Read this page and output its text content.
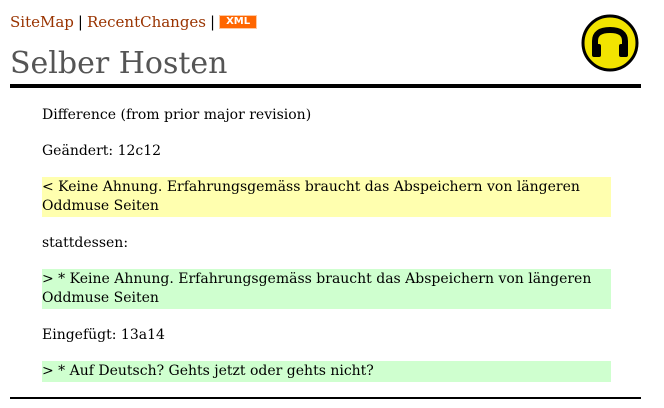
SiteMap | RecentChanges | XML
Selber Hosten

Difference (from prior major revision)

Geändert: 12c12

< Keine Ahnung. Erfahrungsgemäss braucht das Abspeichern von längeren Oddmuse Seiten

stattdessen:

> * Keine Ahnung. Erfahrungsgemäss braucht das Abspeichern von längeren Oddmuse Seiten

Eingefügt: 13a14

> * Auf Deutsch? Gehts jetzt oder gehts nicht?
